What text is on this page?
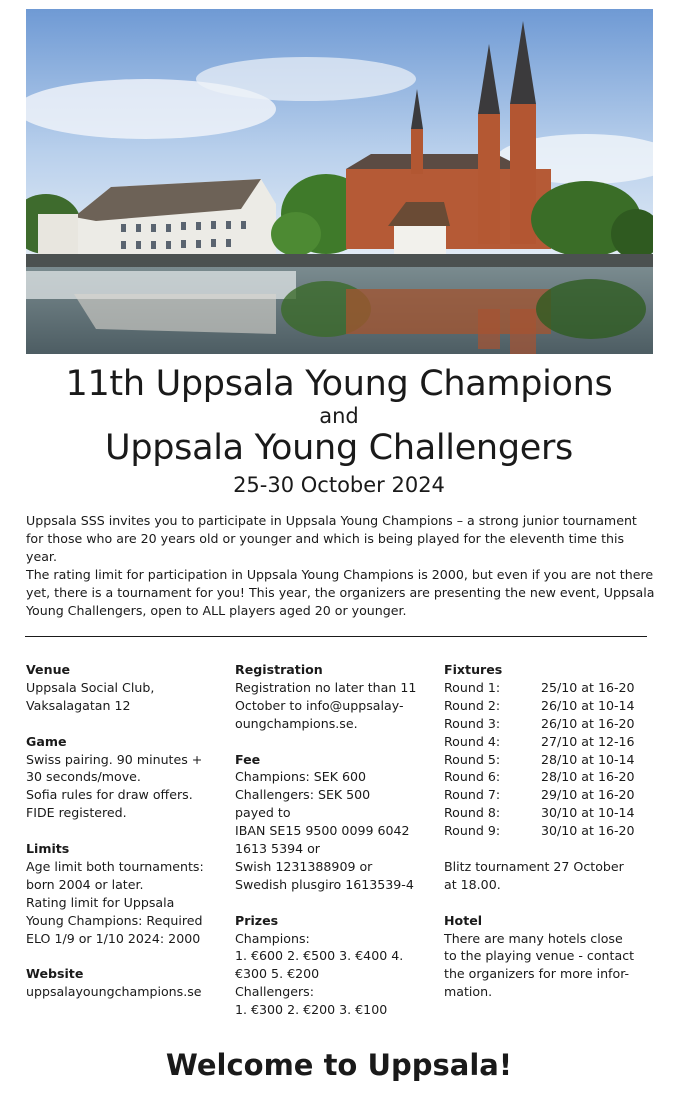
11th Uppsala Young Champions
and
Uppsala Young Challengers
25-30 October 2024

Uppsala SSS invites you to participate in Uppsala Young Champions – a strong junior tournament for those who are 20 years old or younger and which is being played for the eleventh time this year.

The rating limit for participation in Uppsala Young Champions is 2000, but even if you are not there yet, there is a tournament for you! This year, the organizers are presenting the new event, Uppsala Young Challengers, open to ALL players aged 20 or younger.

Venue
Uppsala Social Club,
Vaksalagatan 12
Game
Swiss pairing. 90 minutes +
30 seconds/move.
Sofia rules for draw offers.
FIDE registered.
Limits
Age limit both tournaments:
born 2004 or later.
Rating limit for Uppsala
Young Champions: Required
ELO 1/9 or 1/10 2024: 2000
Website
uppsalayoungchampions.se
Registration
Registration no later than 11
October to info@uppsalay-
oungchampions.se.
Fee
Champions: SEK 600
Challengers: SEK 500
payed to
IBAN SE15 9500 0099 6042
1613 5394 or
Swish 1231388909 or
Swedish plusgiro 1613539-4
Prizes
Champions:
1. €600 2. €500 3. €400 4.
€300 5. €200
Challengers:
1. €300 2. €200 3. €100
Fixtures
Round 1:	25/10 at 16-20
Round 2:	26/10 at 10-14
Round 3:	26/10 at 16-20
Round 4:	27/10 at 12-16
Round 5:	28/10 at 10-14
Round 6:	28/10 at 16-20
Round 7:	29/10 at 16-20
Round 8:	30/10 at 10-14
Round 9:	30/10 at 16-20
Blitz tournament 27 October
at 18.00.
Hotel
There are many hotels close
to the playing venue - contact
the organizers for more infor-
mation.
Welcome to Uppsala!
